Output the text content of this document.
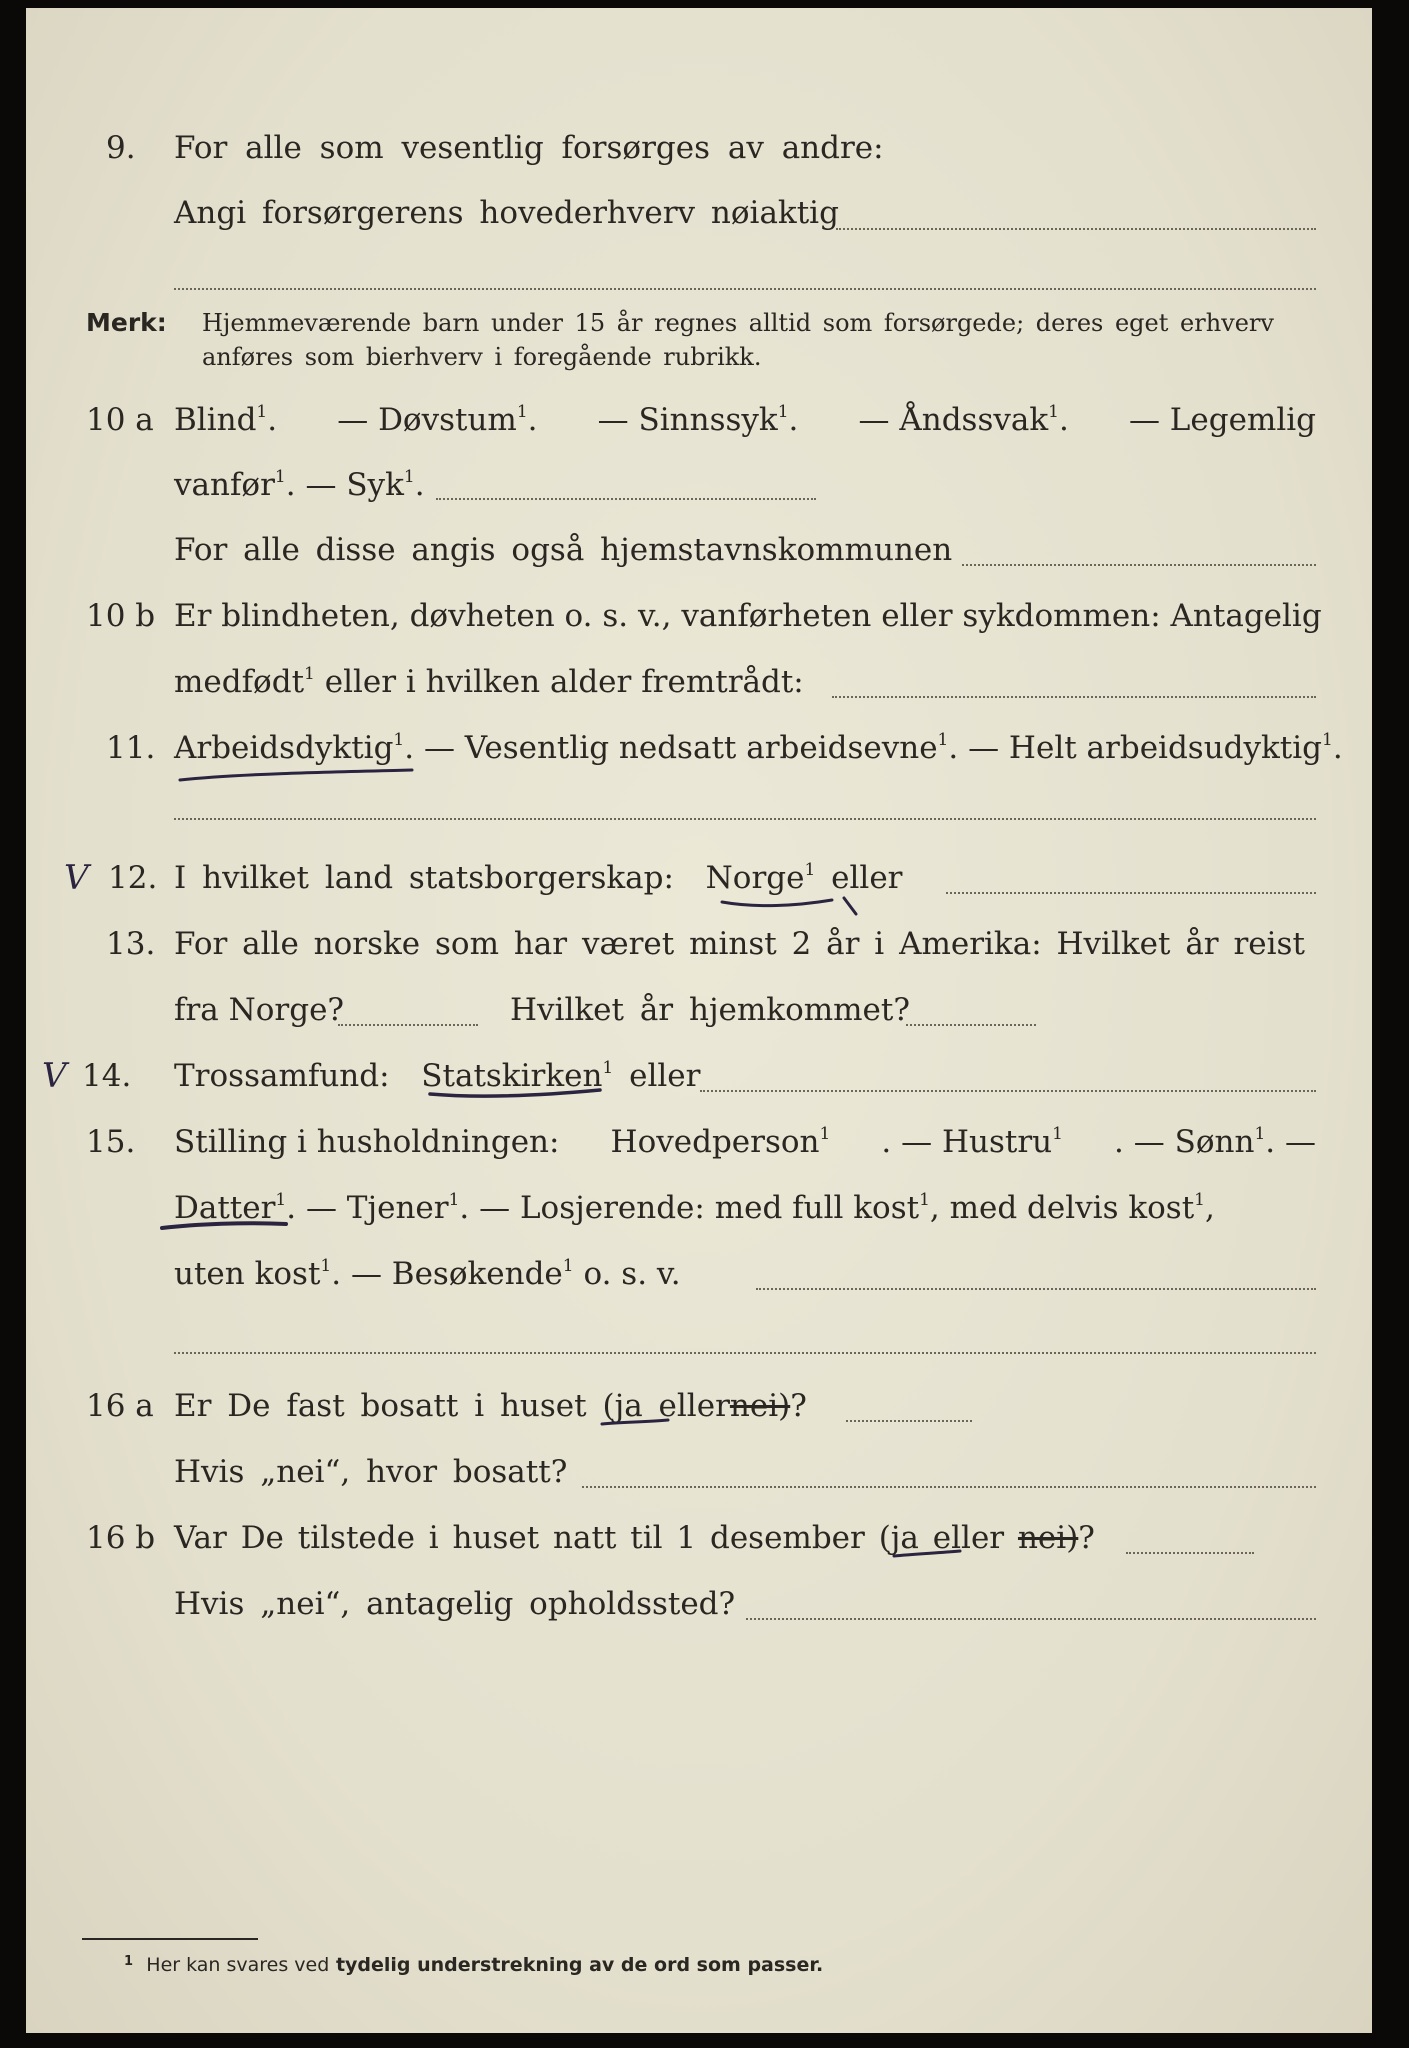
9. For alle som vesentlig forsørges av andre:
Angi forsørgerens hovederhverv nøiaktig
Merk: Hjemmeværende barn under 15 år regnes alltid som forsørgede; deres eget erhverv
anføres som bierhverv i foregående rubrikk.
10 a Blind$^1$. — Døvstum$^1$. — Sinnssyk$^1$. — Åndssvak$^1$. — Legemlig
vanfør$^1$. — Syk$^1$.
For alle disse angis også hjemstavnskommunen
10 b Er blindheten, døvheten o. s. v., vanførheten eller sykdommen: Antagelig
medfødt$^1$ eller i hvilken alder fremtrådt:
11. Arbeidsdyktig$^1$. — Vesentlig nedsatt arbeidsevne$^1$. — Helt arbeidsudyktig$^1$.
V 12. I hvilket land statsborgerskap: Norge$^1$ eller
13. For alle norske som har været minst 2 år i Amerika: Hvilket år reist
fra Norge?	Hvilket år hjemkommet?
V 14. Trossamfund: Statskirken$^1$ eller
15. Stilling i husholdningen: Hovedperson$^1$ . — Hustru$^1$ . — Sønn$^1$. —
Datter$^1$. — Tjener$^1$. — Losjerende: med full kost$^1$, med delvis kost$^1$,
uten kost$^1$. — Besøkende$^1$ o. s. v.
16 a Er De fast bosatt i huset (ja ellernei)?
Hvis „nei“, hvor bosatt?
16 b Var De tilstede i huset natt til 1 desember (ja eller nei)?
Hvis „nei“, antagelig opholdssted?
$^1$ Her kan svares ved tydelig understrekning av de ord som passer.
